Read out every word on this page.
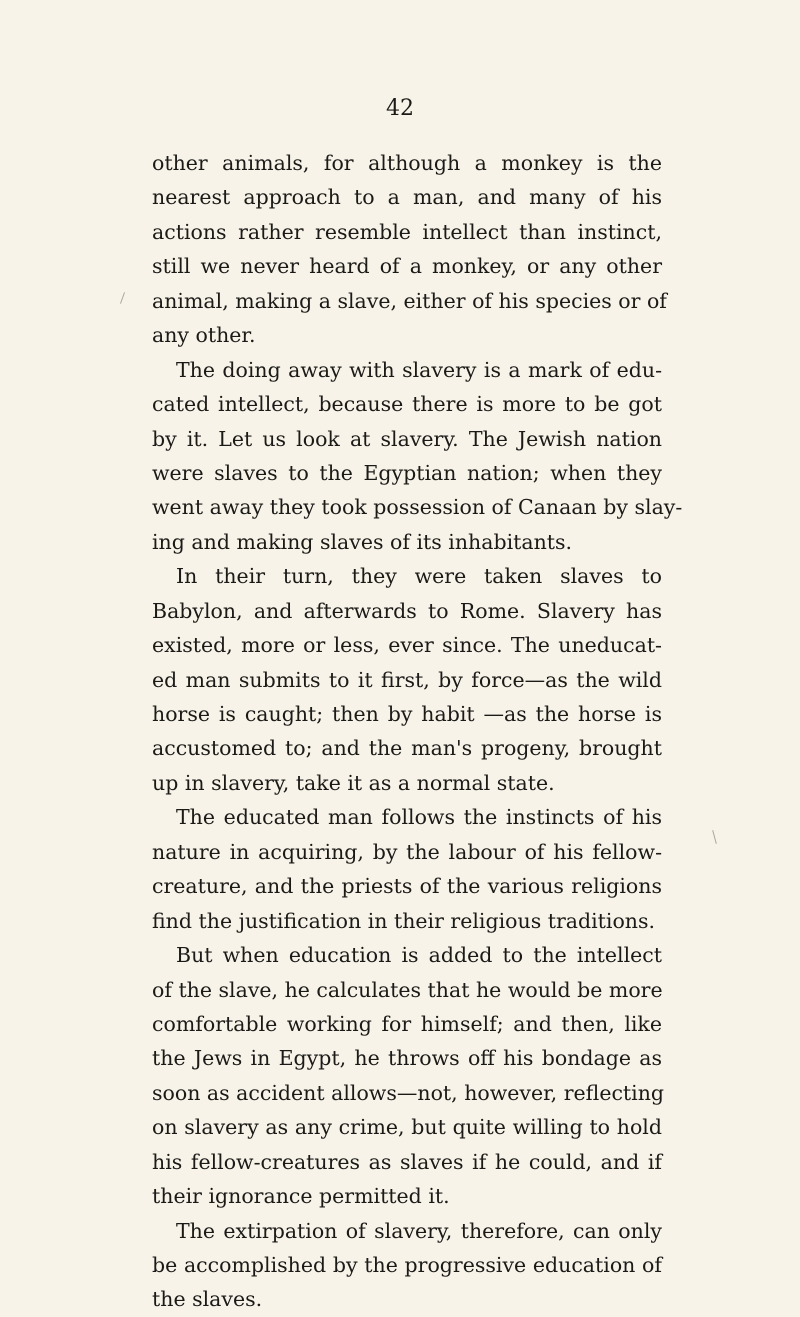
42
other animals, for although a monkey is the
nearest approach to a man, and many of his
actions rather resemble intellect than instinct,
still we never heard of a monkey, or any other
animal, making a slave, either of his species or of
any other.
The doing away with slavery is a mark of edu-
cated intellect, because there is more to be got
by it. Let us look at slavery. The Jewish nation
were slaves to the Egyptian nation; when they
went away they took possession of Canaan by slay-
ing and making slaves of its inhabitants.
In their turn, they were taken slaves to
Babylon, and afterwards to Rome. Slavery has
existed, more or less, ever since. The uneducat-
ed man submits to it first, by force—as the wild
horse is caught; then by habit —as the horse is
accustomed to; and the man's progeny, brought
up in slavery, take it as a normal state.
The educated man follows the instincts of his
nature in acquiring, by the labour of his fellow-
creature, and the priests of the various religions
find the justification in their religious traditions.
But when education is added to the intellect
of the slave, he calculates that he would be more
comfortable working for himself; and then, like
the Jews in Egypt, he throws off his bondage as
soon as accident allows—not, however, reflecting
on slavery as any crime, but quite willing to hold
his fellow-creatures as slaves if he could, and if
their ignorance permitted it.
The extirpation of slavery, therefore, can only
be accomplished by the progressive education of
the slaves.
